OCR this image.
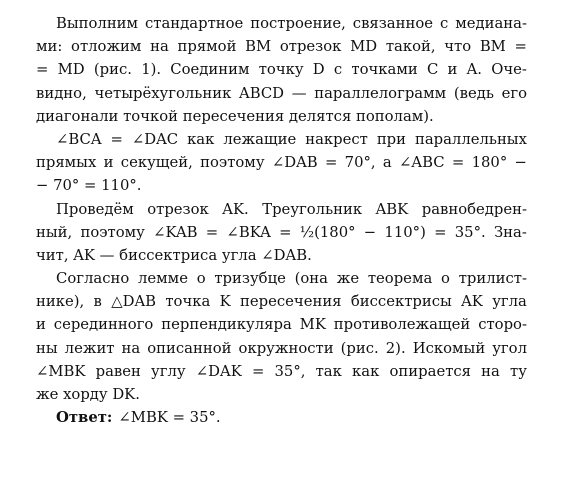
Выполним стандартное построение, связанное с медиана-
ми: отложим на прямой BM отрезок MD такой, что BM =
= MD (рис. 1). Соединим точку D с точками C и A. Оче-
видно, четырёхугольник ABCD — параллелограмм (ведь его
диагонали точкой пересечения делятся пополам).
∠BCA = ∠DAC как лежащие накрест при параллельных
прямых и секущей, поэтому ∠DAB = 70°, а ∠ABC = 180° −
− 70° = 110°.
Проведём отрезок AK. Треугольник ABK равнобедрен-
ный, поэтому ∠KAB = ∠BKA = ½(180° − 110°) = 35°. Зна-
чит, AK — биссектриса угла ∠DAB.
Согласно лемме о тризубце (она же теорема о трилист-
нике), в △DAB точка K пересечения биссектрисы AK угла
и серединного перпендикуляра MK противолежащей сторо-
ны лежит на описанной окружности (рис. 2). Искомый угол
∠MBK равен углу ∠DAK = 35°, так как опирается на ту
же хорду DK.
Ответ: ∠MBK = 35°.
